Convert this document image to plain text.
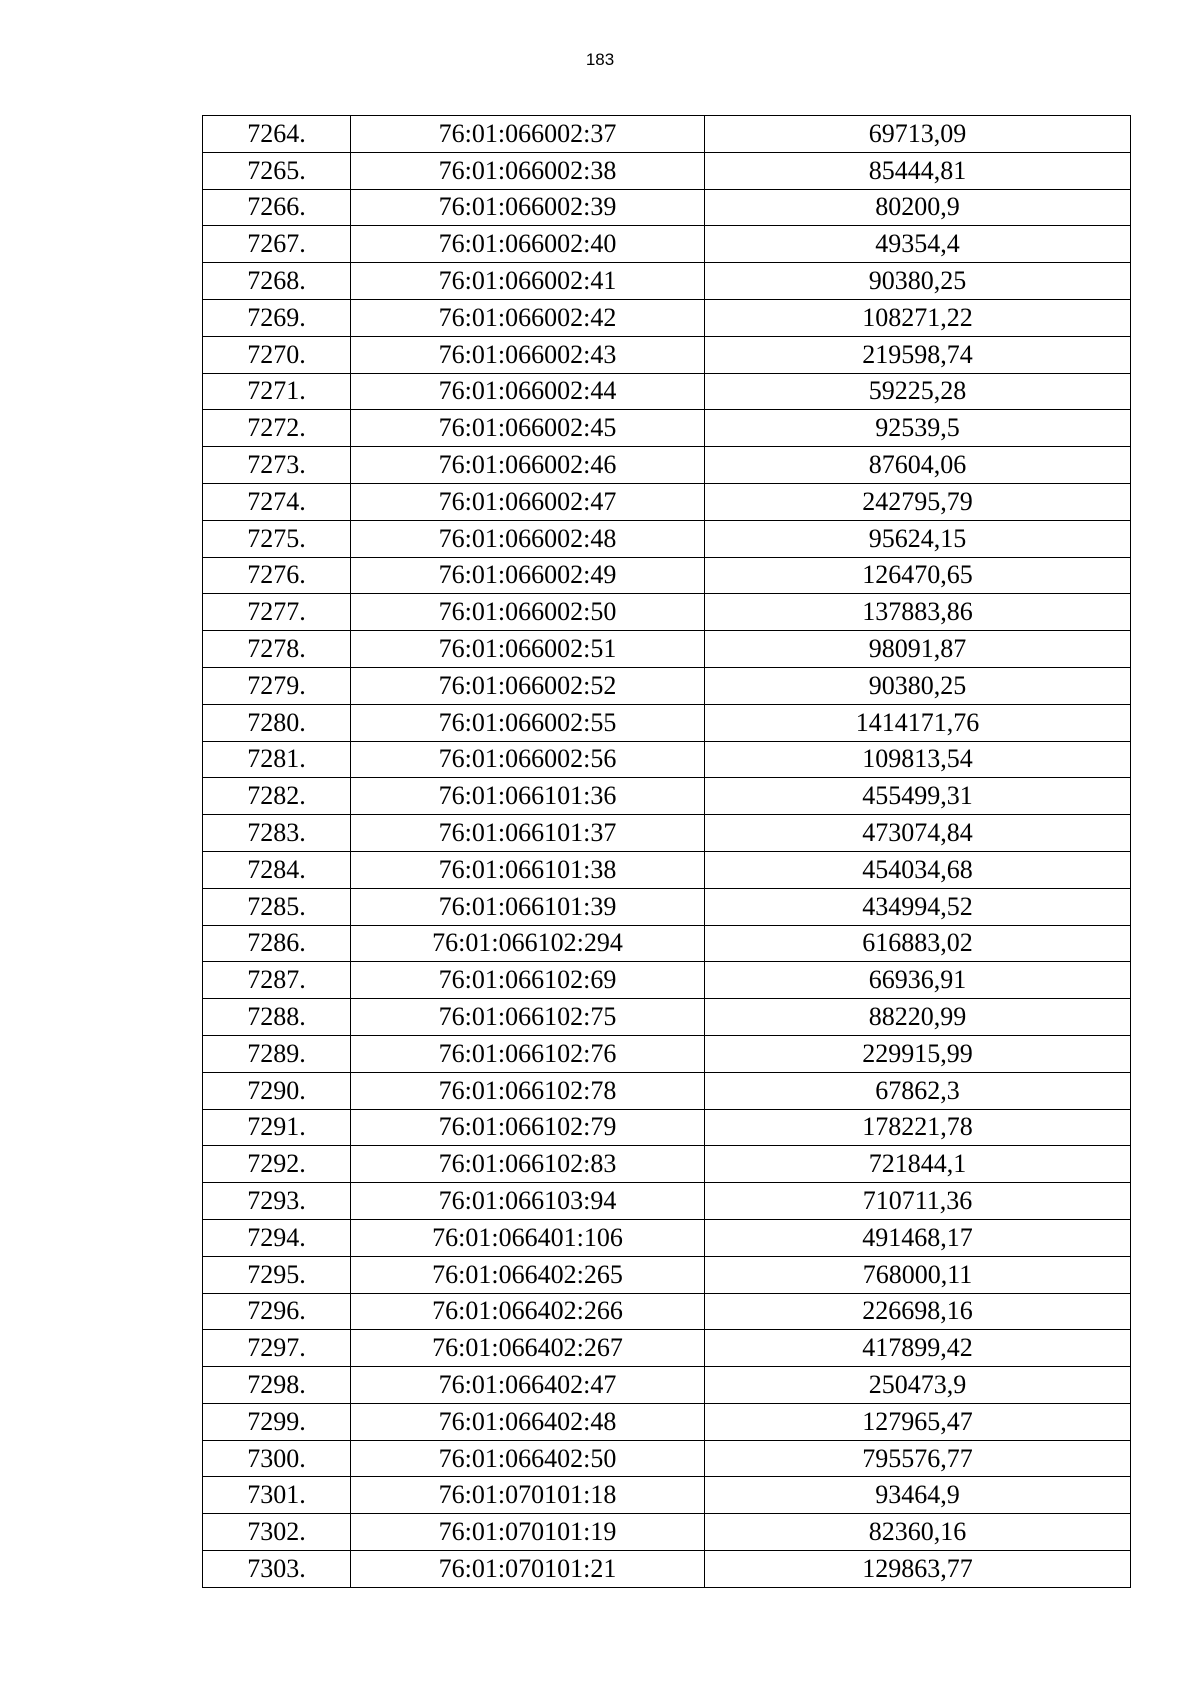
183
7264.	76:01:066002:37	69713,09
7265.	76:01:066002:38	85444,81
7266.	76:01:066002:39	80200,9
7267.	76:01:066002:40	49354,4
7268.	76:01:066002:41	90380,25
7269.	76:01:066002:42	108271,22
7270.	76:01:066002:43	219598,74
7271.	76:01:066002:44	59225,28
7272.	76:01:066002:45	92539,5
7273.	76:01:066002:46	87604,06
7274.	76:01:066002:47	242795,79
7275.	76:01:066002:48	95624,15
7276.	76:01:066002:49	126470,65
7277.	76:01:066002:50	137883,86
7278.	76:01:066002:51	98091,87
7279.	76:01:066002:52	90380,25
7280.	76:01:066002:55	1414171,76
7281.	76:01:066002:56	109813,54
7282.	76:01:066101:36	455499,31
7283.	76:01:066101:37	473074,84
7284.	76:01:066101:38	454034,68
7285.	76:01:066101:39	434994,52
7286.	76:01:066102:294	616883,02
7287.	76:01:066102:69	66936,91
7288.	76:01:066102:75	88220,99
7289.	76:01:066102:76	229915,99
7290.	76:01:066102:78	67862,3
7291.	76:01:066102:79	178221,78
7292.	76:01:066102:83	721844,1
7293.	76:01:066103:94	710711,36
7294.	76:01:066401:106	491468,17
7295.	76:01:066402:265	768000,11
7296.	76:01:066402:266	226698,16
7297.	76:01:066402:267	417899,42
7298.	76:01:066402:47	250473,9
7299.	76:01:066402:48	127965,47
7300.	76:01:066402:50	795576,77
7301.	76:01:070101:18	93464,9
7302.	76:01:070101:19	82360,16
7303.	76:01:070101:21	129863,77
